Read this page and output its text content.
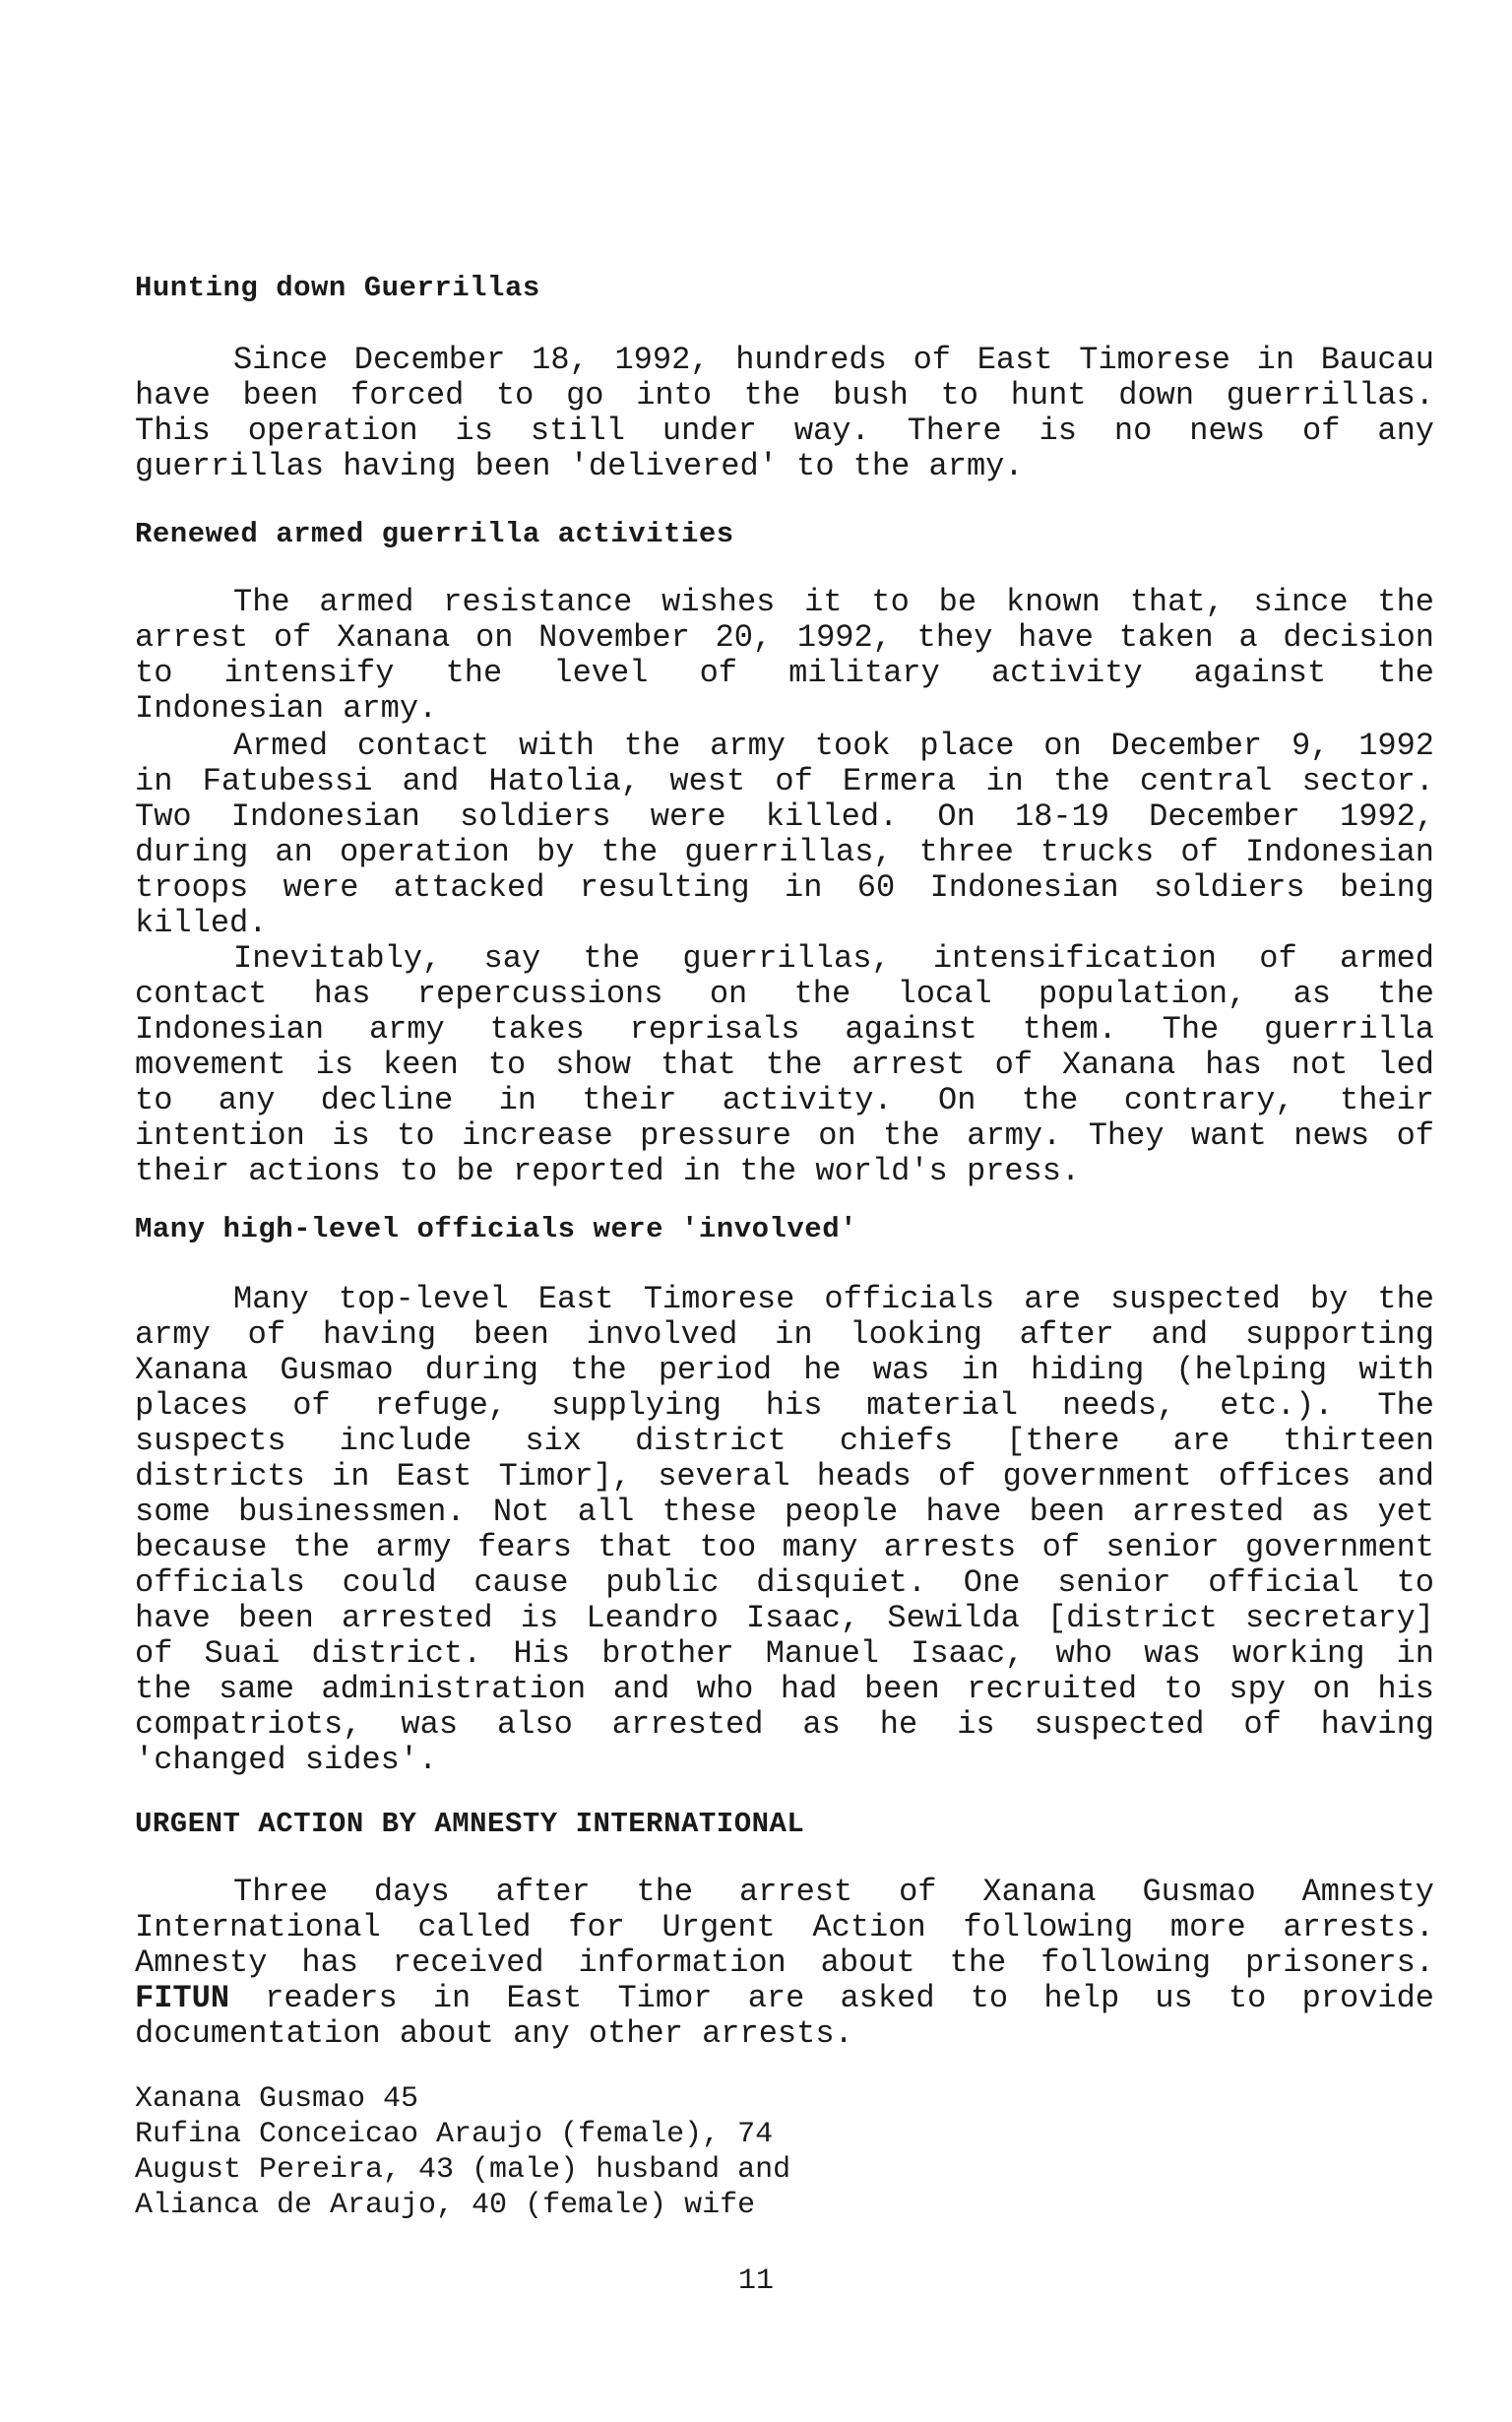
Hunting down Guerrillas
Since December 18, 1992, hundreds of East Timorese in Baucau
have been forced to go into the bush to hunt down guerrillas.
This operation is still under way. There is no news of any
guerrillas having been 'delivered' to the army.
Renewed armed guerrilla activities
The armed resistance wishes it to be known that, since the
arrest of Xanana on November 20, 1992, they have taken a decision
to intensify the level of military activity against the
Indonesian army.
Armed contact with the army took place on December 9, 1992
in Fatubessi and Hatolia, west of Ermera in the central sector.
Two Indonesian soldiers were killed. On 18-19 December 1992,
during an operation by the guerrillas, three trucks of Indonesian
troops were attacked resulting in 60 Indonesian soldiers being
killed.
Inevitably, say the guerrillas, intensification of armed
contact has repercussions on the local population, as the
Indonesian army takes reprisals against them. The guerrilla
movement is keen to show that the arrest of Xanana has not led
to any decline in their activity. On the contrary, their
intention is to increase pressure on the army. They want news of
their actions to be reported in the world's press.
Many high-level officials were 'involved'
Many top-level East Timorese officials are suspected by the
army of having been involved in looking after and supporting
Xanana Gusmao during the period he was in hiding (helping with
places of refuge, supplying his material needs, etc.). The
suspects include six district chiefs [there are thirteen
districts in East Timor], several heads of government offices and
some businessmen. Not all these people have been arrested as yet
because the army fears that too many arrests of senior government
officials could cause public disquiet. One senior official to
have been arrested is Leandro Isaac, Sewilda [district secretary]
of Suai district. His brother Manuel Isaac, who was working in
the same administration and who had been recruited to spy on his
compatriots, was also arrested as he is suspected of having
'changed sides'.
URGENT ACTION BY AMNESTY INTERNATIONAL
Three days after the arrest of Xanana Gusmao Amnesty
International called for Urgent Action following more arrests.
Amnesty has received information about the following prisoners.
FITUN readers in East Timor are asked to help us to provide
documentation about any other arrests.
Xanana Gusmao 45
Rufina Conceicao Araujo (female), 74
August Pereira, 43 (male) husband and
Alianca de Araujo, 40 (female) wife
11
